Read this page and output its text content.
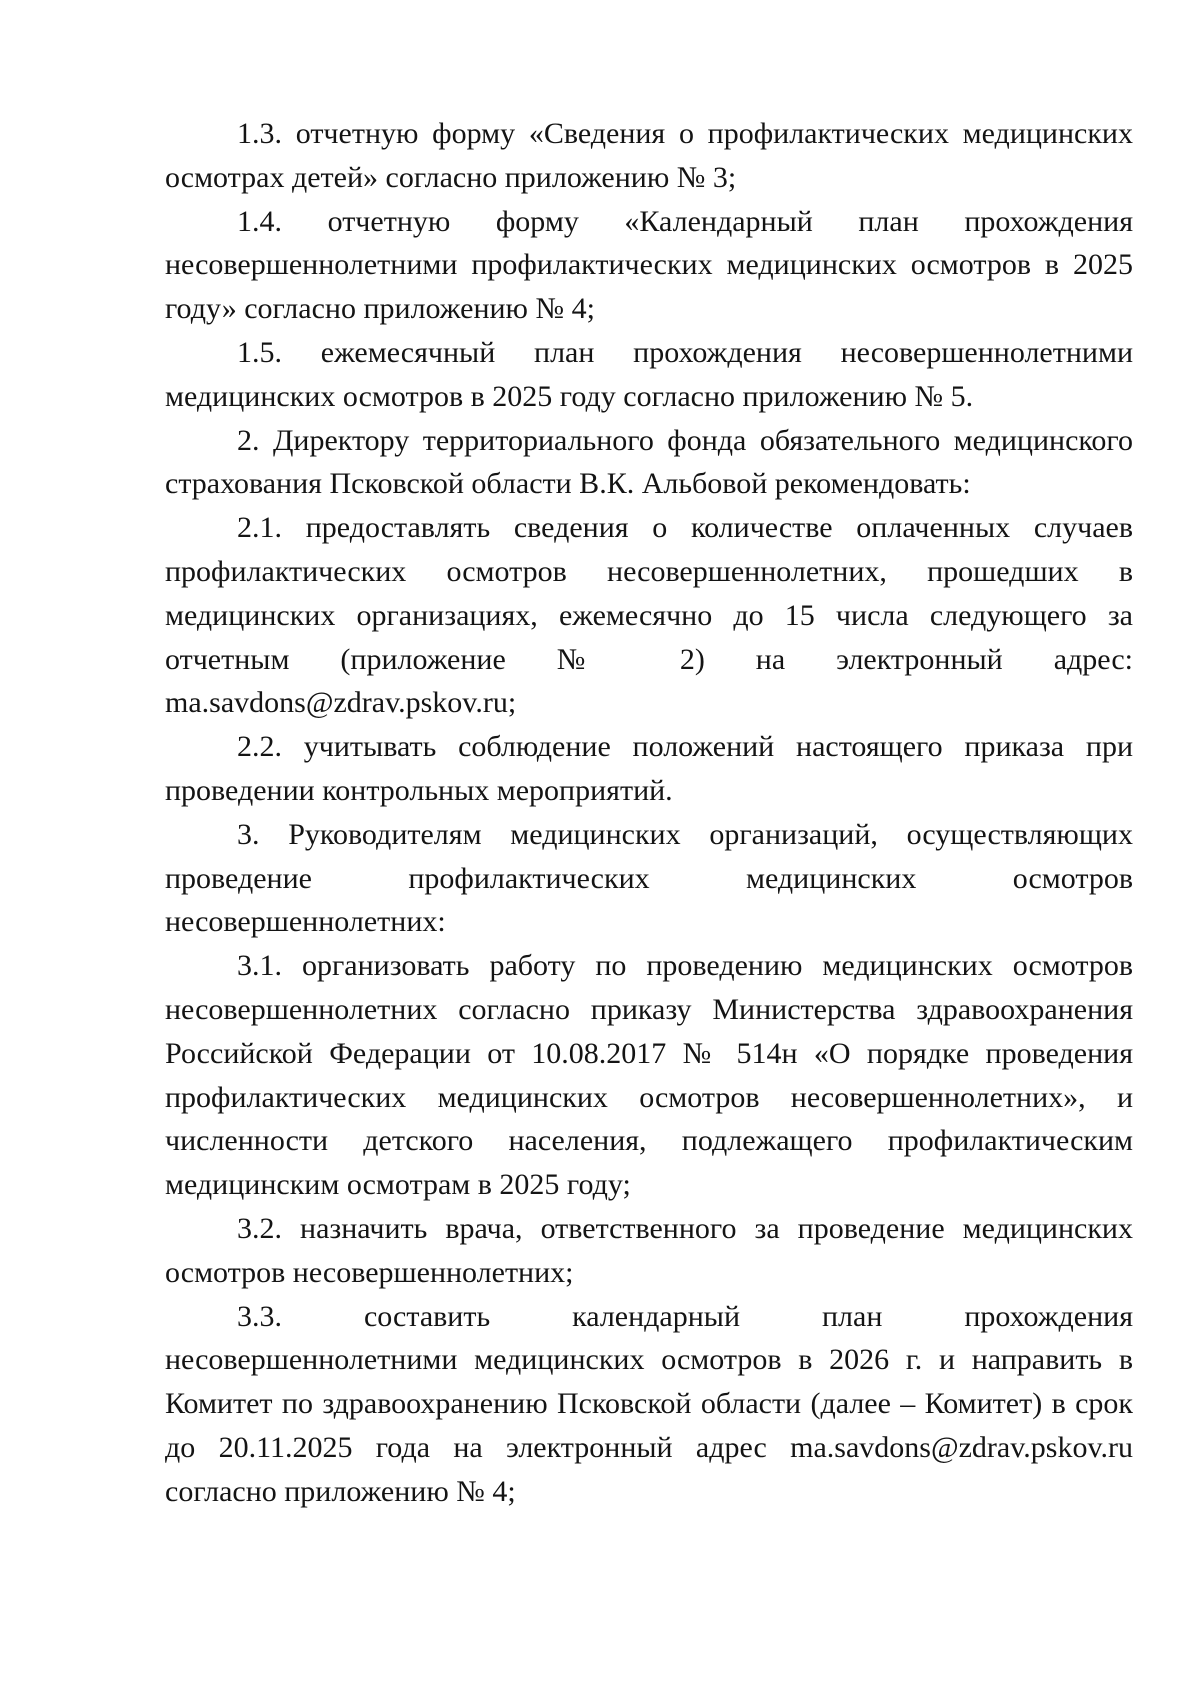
1.3. отчетную форму «Сведения о профилактических медицинских осмотрах детей» согласно приложению № 3;

1.4. отчетную форму «Календарный план прохождения несовершеннолетними профилактических медицинских осмотров в 2025 году» согласно приложению № 4;

1.5. ежемесячный план прохождения несовершеннолетними медицинских осмотров в 2025 году согласно приложению № 5.

2. Директору территориального фонда обязательного медицинского страхования Псковской области В.К. Альбовой рекомендовать:

2.1. предоставлять сведения о количестве оплаченных случаев профилактических осмотров несовершеннолетних, прошедших в медицинских организациях, ежемесячно до 15 числа следующего за отчетным (приложение № 2) на электронный адрес: ma.savdons@zdrav.pskov.ru;

2.2. учитывать соблюдение положений настоящего приказа при проведении контрольных мероприятий.

3. Руководителям медицинских организаций, осуществляющих проведение профилактических медицинских осмотров несовершеннолетних:

3.1. организовать работу по проведению медицинских осмотров несовершеннолетних согласно приказу Министерства здравоохранения Российской Федерации от 10.08.2017 № 514н «О порядке проведения профилактических медицинских осмотров несовершеннолетних», и численности детского населения, подлежащего профилактическим медицинским осмотрам в 2025 году;

3.2. назначить врача, ответственного за проведение медицинских осмотров несовершеннолетних;

3.3. составить календарный план прохождения несовершеннолетними медицинских осмотров в 2026 г. и направить в Комитет по здравоохранению Псковской области (далее – Комитет) в срок до 20.11.2025 года на электронный адрес ma.savdons@zdrav.pskov.ru согласно приложению № 4;
